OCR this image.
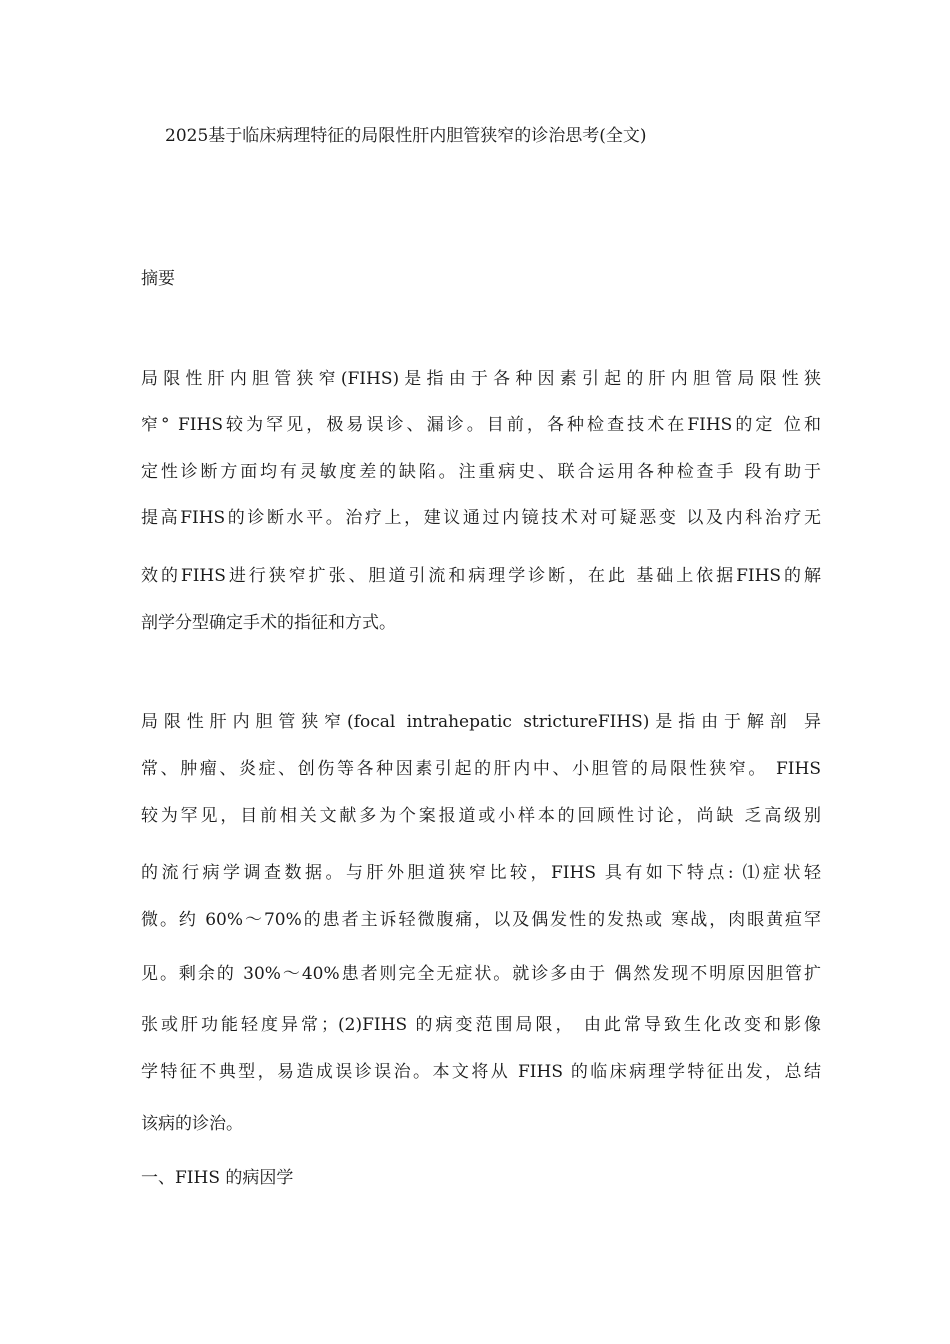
2025基于临床病理特征的局限性肝内胆管狭窄的诊治思考(全文)
摘要
局限性肝内胆管狭窄(FIHS)是指由于各种因素引起的肝内胆管局限性狭
窄° FIHS较为罕见，极易误诊、漏诊。目前，各种检查技术在FIHS的定 位和
定性诊断方面均有灵敏度差的缺陷。注重病史、联合运用各种检查手 段有助于
提高FIHS的诊断水平。治疗上，建议通过内镜技术对可疑恶变 以及内科治疗无
效的FIHS进行狭窄扩张、胆道引流和病理学诊断，在此 基础上依据FIHS的解
剖学分型确定手术的指征和方式。
局限性肝内胆管狭窄(focal intrahepatic strictureFIHS)是指由于解剖 异
常、肿瘤、炎症、创伤等各种因素引起的肝内中、小胆管的局限性狭窄。 FIHS
较为罕见，目前相关文献多为个案报道或小样本的回顾性讨论，尚缺 乏高级别
的流行病学调查数据。与肝外胆道狭窄比较，FIHS 具有如下特点: ⑴症状轻
微。约 60%〜70%的患者主诉轻微腹痛，以及偶发性的发热或 寒战，肉眼黄疸罕
见。剩余的 30%〜40%患者则完全无症状。就诊多由于 偶然发现不明原因胆管扩
张或肝功能轻度异常；(2)FIHS 的病变范围局限， 由此常导致生化改变和影像
学特征不典型，易造成误诊误治。本文将从 FIHS 的临床病理学特征出发，总结
该病的诊治。
一、FIHS 的病因学
